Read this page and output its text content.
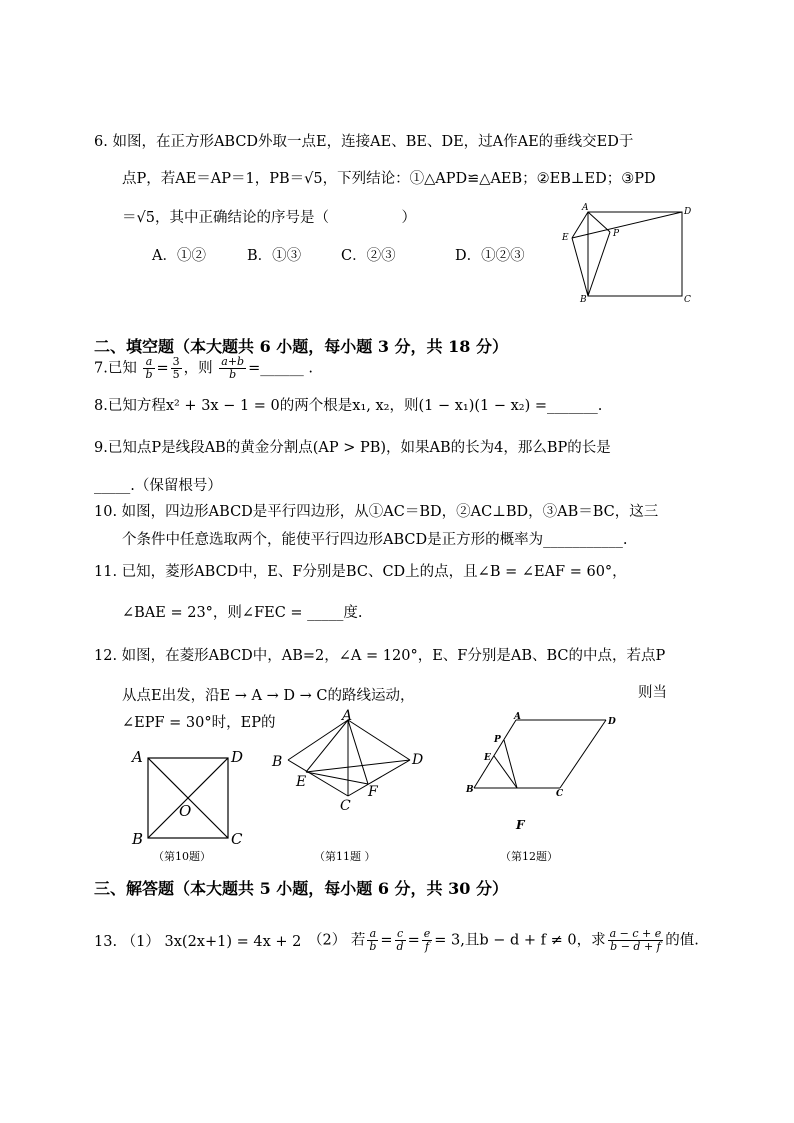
6. 如图，在正方形ABCD外取一点E，连接AE、BE、DE，过A作AE的垂线交ED于
点P，若AE＝AP＝1，PB＝√5，下列结论：①△APD≌△AEB；②EB⊥ED；③PD
＝√5，其中正确结论的序号是（　　　　　）
A．①②	B．①③	C．②③	D．①②③
A	D
E	P
B	C
二、填空题（本大题共 6 小题，每小题 3 分，共 18 分）
7.已知 $\frac{a}{b} = \frac{3}{5}$ ，则 $\frac{a+b}{b}$ =______ .
8.已知方程x² + 3x − 1 = 0的两个根是x₁, x₂，则(1 − x₁)(1 − x₂) =_______.
9.已知点P是线段AB的黄金分割点(AP > PB)，如果AB的长为4，那么BP的长是
_____.（保留根号）
10. 如图，四边形ABCD是平行四边形，从①AC＝BD，②AC⊥BD，③AB＝BC，这三
个条件中任意选取两个，能使平行四边形ABCD是正方形的概率为___________.
11. 已知，菱形ABCD中，E、F分别是BC、CD上的点，且∠B = ∠EAF = 60°，
∠BAE = 23°，则∠FEC = _____度.
12. 如图，在菱形ABCD中，AB=2，∠A = 120°，E、F分别是AB、BC的中点，若点P
从点E出发，沿E → A → D → C的路线运动，	则当
∠EPF = 30°时，EP的
A	D
O
B	C
（第10题）
A
B	D
E
F
C
（第11题 ）
A	D
P
E
B	C
F
（第12题）
三、解答题（本大题共 5 小题，每小题 6 分，共 30 分）
13. （1） 3x(2x+1) = 4x + 2 （2） 若 $\frac{a}{b} = \frac{c}{d} = \frac{e}{f} = 3$,且b − d + f ≠ 0，求 $\frac{a - c + e}{b - d + f}$ 的值.
